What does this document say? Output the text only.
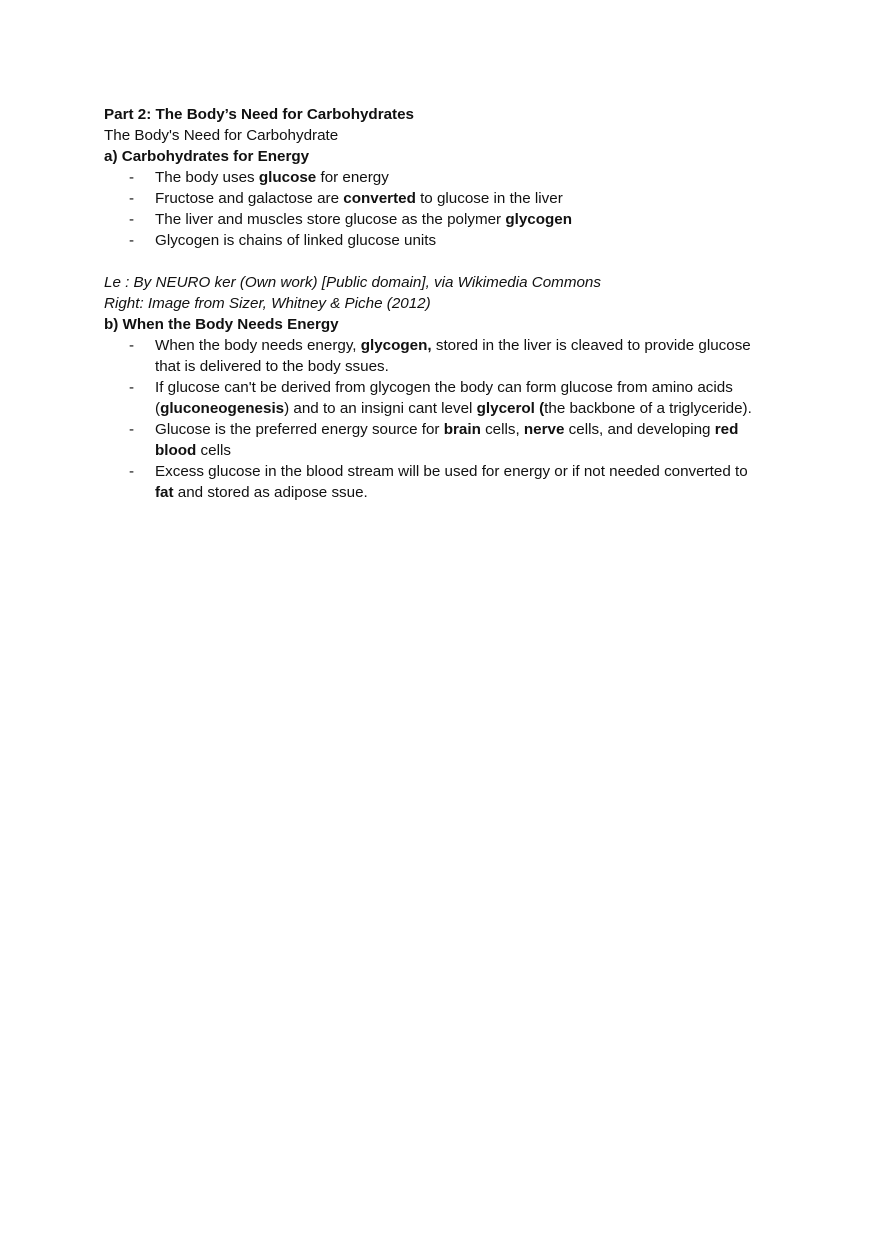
Part 2: The Body’s Need for Carbohydrates
The Body's Need for Carbohydrate
a) Carbohydrates for Energy
- The body uses glucose for energy
- Fructose and galactose are converted to glucose in the liver
- The liver and muscles store glucose as the polymer glycogen
- Glycogen is chains of linked glucose units
Le : By NEURO ker (Own work) [Public domain], via Wikimedia Commons
Right: Image from Sizer, Whitney & Piche (2012)
b) When the Body Needs Energy
- When the body needs energy, glycogen, stored in the liver is cleaved to provide glucose
that is delivered to the body ssues.
- If glucose can't be derived from glycogen the body can form glucose from amino acids
(gluconeogenesis) and to an insigni cant level glycerol (the backbone of a triglyceride).
- Glucose is the preferred energy source for brain cells, nerve cells, and developing red
blood cells
- Excess glucose in the blood stream will be used for energy or if not needed converted to
fat and stored as adipose ssue.
